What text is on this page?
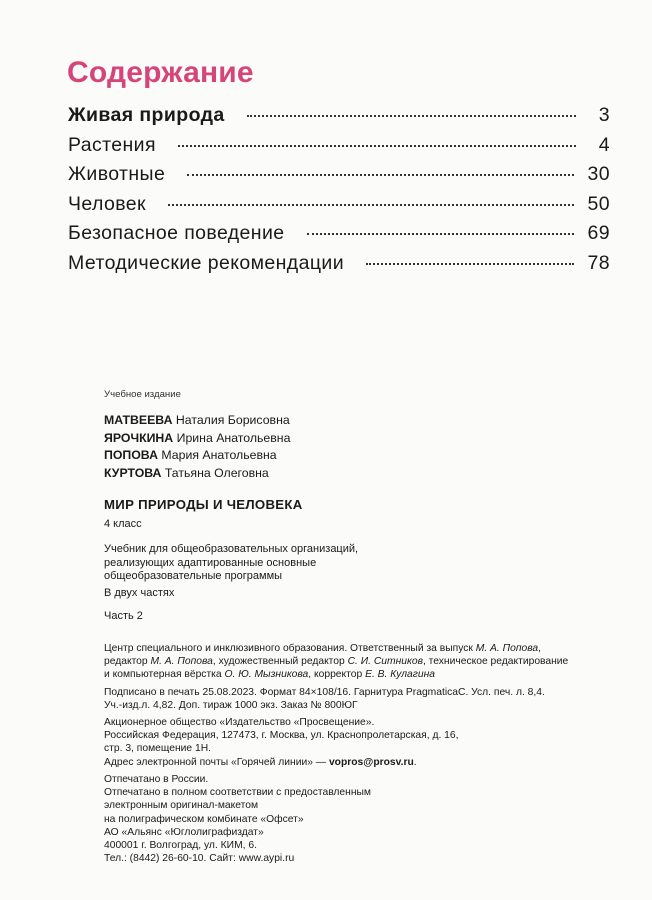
Содержание
Живая природа	3
Растения	4
Животные	30
Человек	50
Безопасное поведение	69
Методические рекомендации	78
Учебное издание
МАТВЕЕВА Наталия Борисовна
ЯРОЧКИНА Ирина Анатольевна
ПОПОВА Мария Анатольевна
КУРТОВА Татьяна Олеговна
МИР ПРИРОДЫ И ЧЕЛОВЕКА
4 класс
Учебник для общеобразовательных организаций,
реализующих адаптированные основные
общеобразовательные программы
В двух частях
Часть 2
Центр специального и инклюзивного образования. Ответственный за выпуск М. А. Попова,
редактор М. А. Попова, художественный редактор С. И. Ситников, техническое редактирование
и компьютерная вёрстка О. Ю. Мызникова, корректор Е. В. Кулагина
Подписано в печать 25.08.2023. Формат 84×108/16. Гарнитура PragmaticaC. Усл. печ. л. 8,4.
Уч.-изд.л. 4,82. Доп. тираж 1000 экз. Заказ № 800ЮГ
Акционерное общество «Издательство «Просвещение».
Российская Федерация, 127473, г. Москва, ул. Краснопролетарская, д. 16,
стр. 3, помещение 1Н.
Адрес электронной почты «Горячей линии» — vopros@prosv.ru.
Отпечатано в России.
Отпечатано в полном соответствии с предоставленным
электронным оригинал-макетом
на полиграфическом комбинате «Офсет»
АО «Альянс «Юглолиграфиздат»
400001 г. Волгоград, ул. КИМ, 6.
Тел.: (8442) 26-60-10. Сайт: www.aypi.ru
